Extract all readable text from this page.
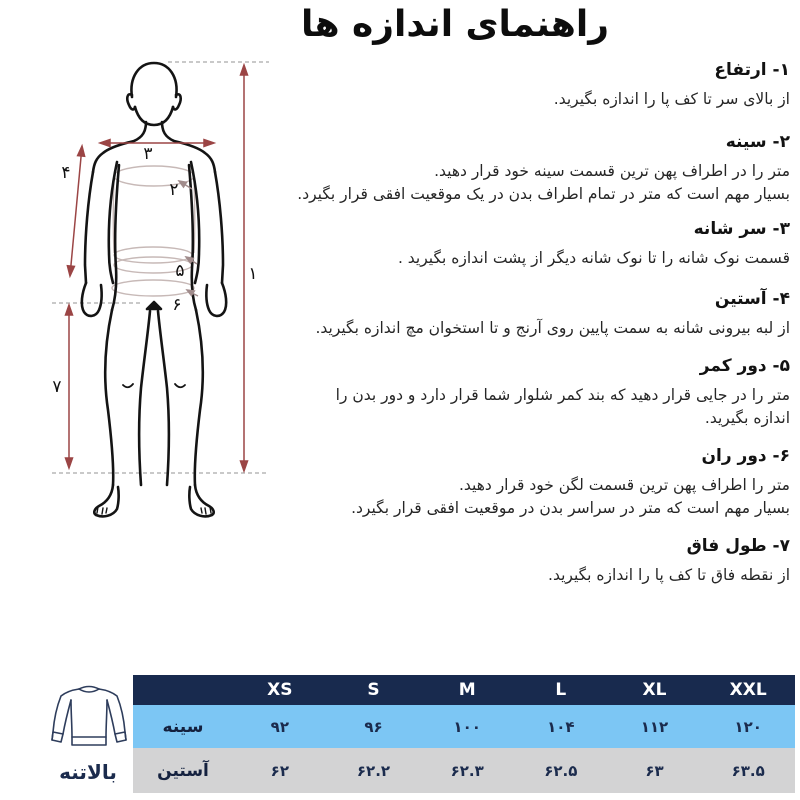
راهنمای اندازه ها
۳
۴
۲
۵
۶
۱
۷
۱- ارتفاع
از بالای سر تا کف پا را اندازه بگیرید.
۲- سینه
متر را در اطراف پهن ترین قسمت سینه خود قرار دهید.
بسیار مهم است که متر در تمام اطراف بدن در یک موقعیت افقی قرار بگیرد.
۳- سر شانه
قسمت نوک شانه را تا نوک شانه دیگر از پشت اندازه بگیرید .
۴- آستین
از لبه بیرونی شانه به سمت پایین روی آرنج و تا استخوان مچ اندازه بگیرید.
۵- دور کمر
متر را در جایی قرار دهید که بند کمر شلوار شما قرار دارد و دور بدن را
اندازه بگیرید.
۶- دور ران
متر را اطراف پهن ترین قسمت لگن خود قرار دهید.
بسیار مهم است که متر در سراسر بدن در موقعیت افقی قرار بگیرد.
۷- طول فاق
از نقطه فاق تا کف پا را اندازه بگیرید.
بالاتنه
XS	S	M	L	XL	XXL
سینه	۹۲	۹۶	۱۰۰	۱۰۴	۱۱۲	۱۲۰
آستین	۶۲	۶۲.۲	۶۲.۳	۶۲.۵	۶۳	۶۳.۵
